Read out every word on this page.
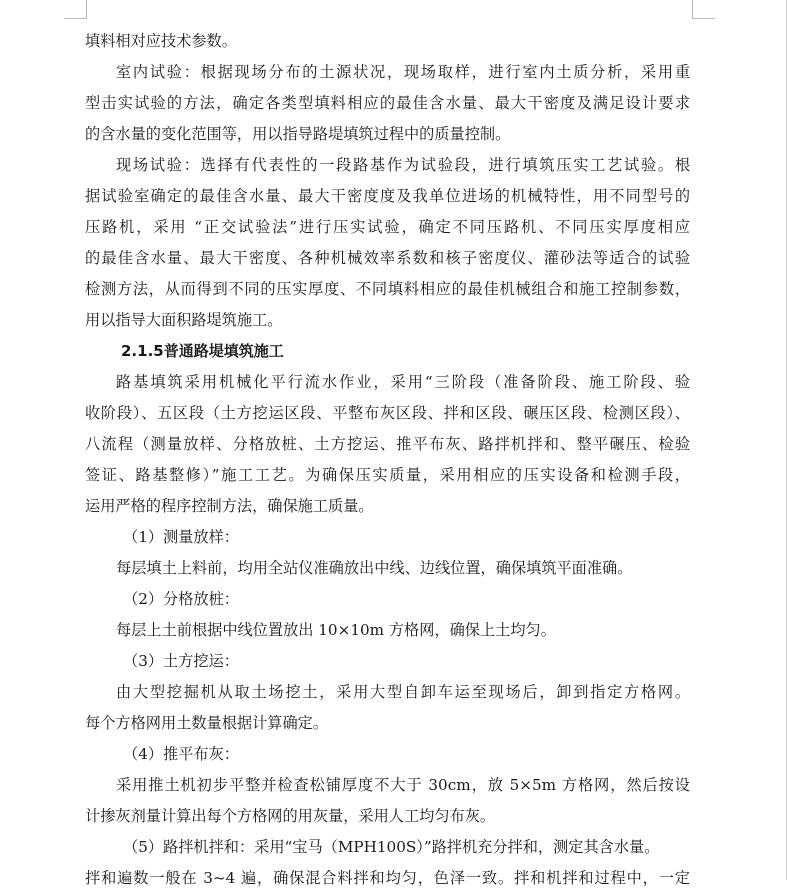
填料相对应技术参数。
室内试验：根据现场分布的土源状况，现场取样，进行室内土质分析，采用重
型击实试验的方法，确定各类型填料相应的最佳含水量、最大干密度及满足设计要求
的含水量的变化范围等，用以指导路堤填筑过程中的质量控制。
现场试验：选择有代表性的一段路基作为试验段，进行填筑压实工艺试验。根
据试验室确定的最佳含水量、最大干密度度及我单位进场的机械特性，用不同型号的
压路机，采用 “正交试验法”进行压实试验，确定不同压路机、不同压实厚度相应
的最佳含水量、最大干密度、各种机械效率系数和核子密度仪、灌砂法等适合的试验
检测方法，从而得到不同的压实厚度、不同填料相应的最佳机械组合和施工控制参数，
用以指导大面积路堤筑施工。
2.1.5普通路堤填筑施工
路基填筑采用机械化平行流水作业，采用“三阶段（准备阶段、施工阶段、验
收阶段）、五区段（土方挖运区段、平整布灰区段、拌和区段、碾压区段、检测区段）、
八流程（测量放样、分格放桩、土方挖运、推平布灰、路拌机拌和、整平碾压、检验
签证、路基整修）”施工工艺。为确保压实质量，采用相应的压实设备和检测手段，
运用严格的程序控制方法，确保施工质量。
（1）测量放样：
每层填土上料前，均用全站仪准确放出中线、边线位置，确保填筑平面准确。
（2）分格放桩：
每层上土前根据中线位置放出 10×10m 方格网，确保上土均匀。
（3）土方挖运：
由大型挖掘机从取土场挖土，采用大型自卸车运至现场后，卸到指定方格网。
每个方格网用土数量根据计算确定。
（4）推平布灰：
采用推土机初步平整并检查松铺厚度不大于 30cm，放 5×5m 方格网，然后按设
计掺灰剂量计算出每个方格网的用灰量，采用人工均匀布灰。
（5）路拌机拌和：采用“宝马（MPH100S）”路拌机充分拌和，测定其含水量。
拌和遍数一般在 3~4 遍，确保混合料拌和均匀，色泽一致。拌和机拌和过程中，一定
